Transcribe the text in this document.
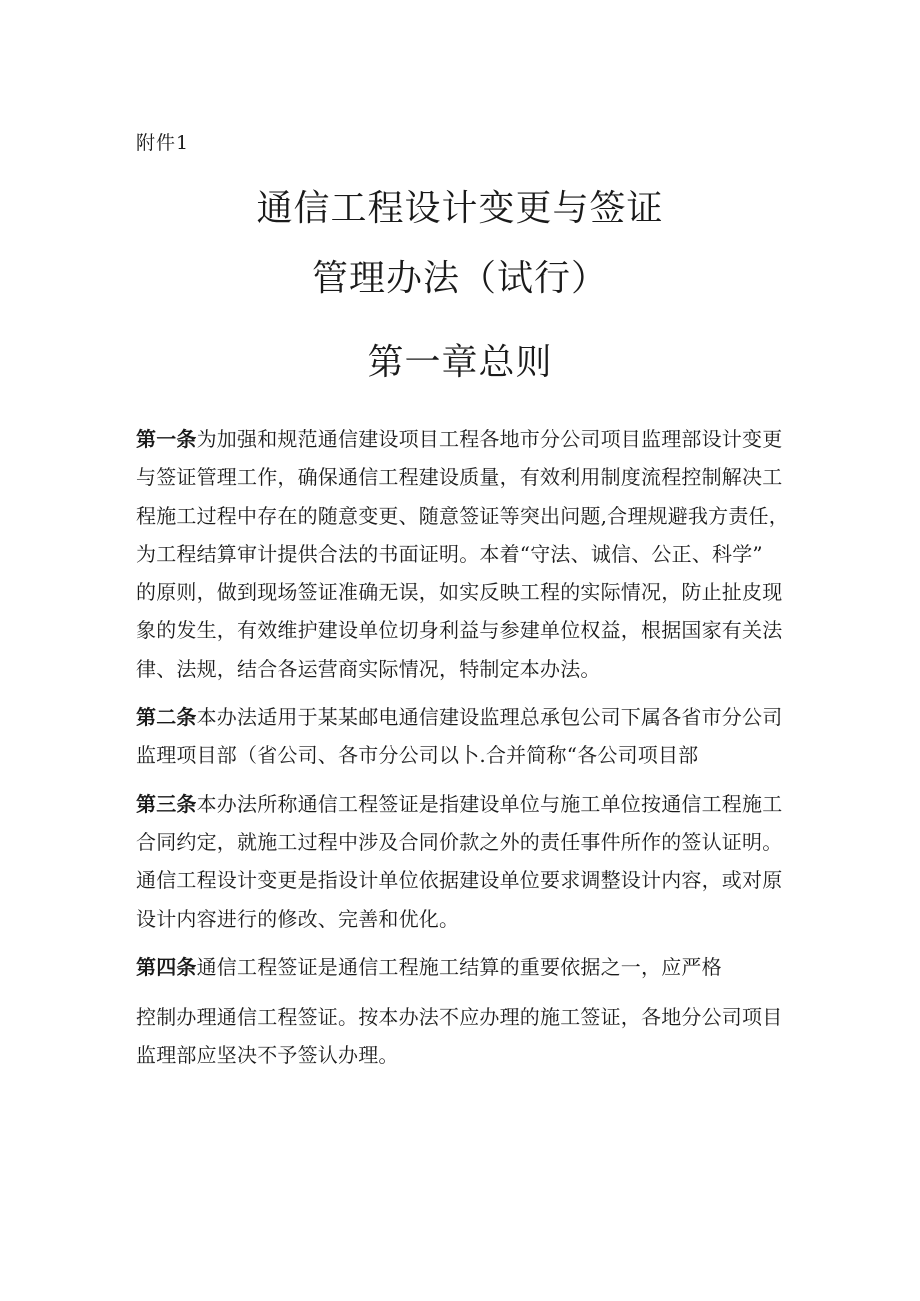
附件1
通信工程设计变更与签证
管理办法（试行）
第一章总则

第一条为加强和规范通信建设项目工程各地市分公司项目监理部设计变更
与签证管理工作，确保通信工程建设质量，有效利用制度流程控制解决工
程施工过程中存在的随意变更、随意签证等突出问题,合理规避我方责任，
为工程结算审计提供合法的书面证明。本着“守法、诚信、公正、科学”
的原则，做到现场签证准确无误，如实反映工程的实际情况，防止扯皮现
象的发生，有效维护建设单位切身利益与参建单位权益，根据国家有关法
律、法规，结合各运营商实际情况，特制定本办法。

第二条本办法适用于某某邮电通信建设监理总承包公司下属各省市分公司
监理项目部（省公司、各市分公司以卜.合并简称“各公司项目部

第三条本办法所称通信工程签证是指建设单位与施工单位按通信工程施工
合同约定，就施工过程中涉及合同价款之外的责任事件所作的签认证明。
通信工程设计变更是指设计单位依据建设单位要求调整设计内容，或对原
设计内容进行的修改、完善和优化。

第四条通信工程签证是通信工程施工结算的重要依据之一，应严格
控制办理通信工程签证。按本办法不应办理的施工签证，各地分公司项目
监理部应坚决不予签认办理。
